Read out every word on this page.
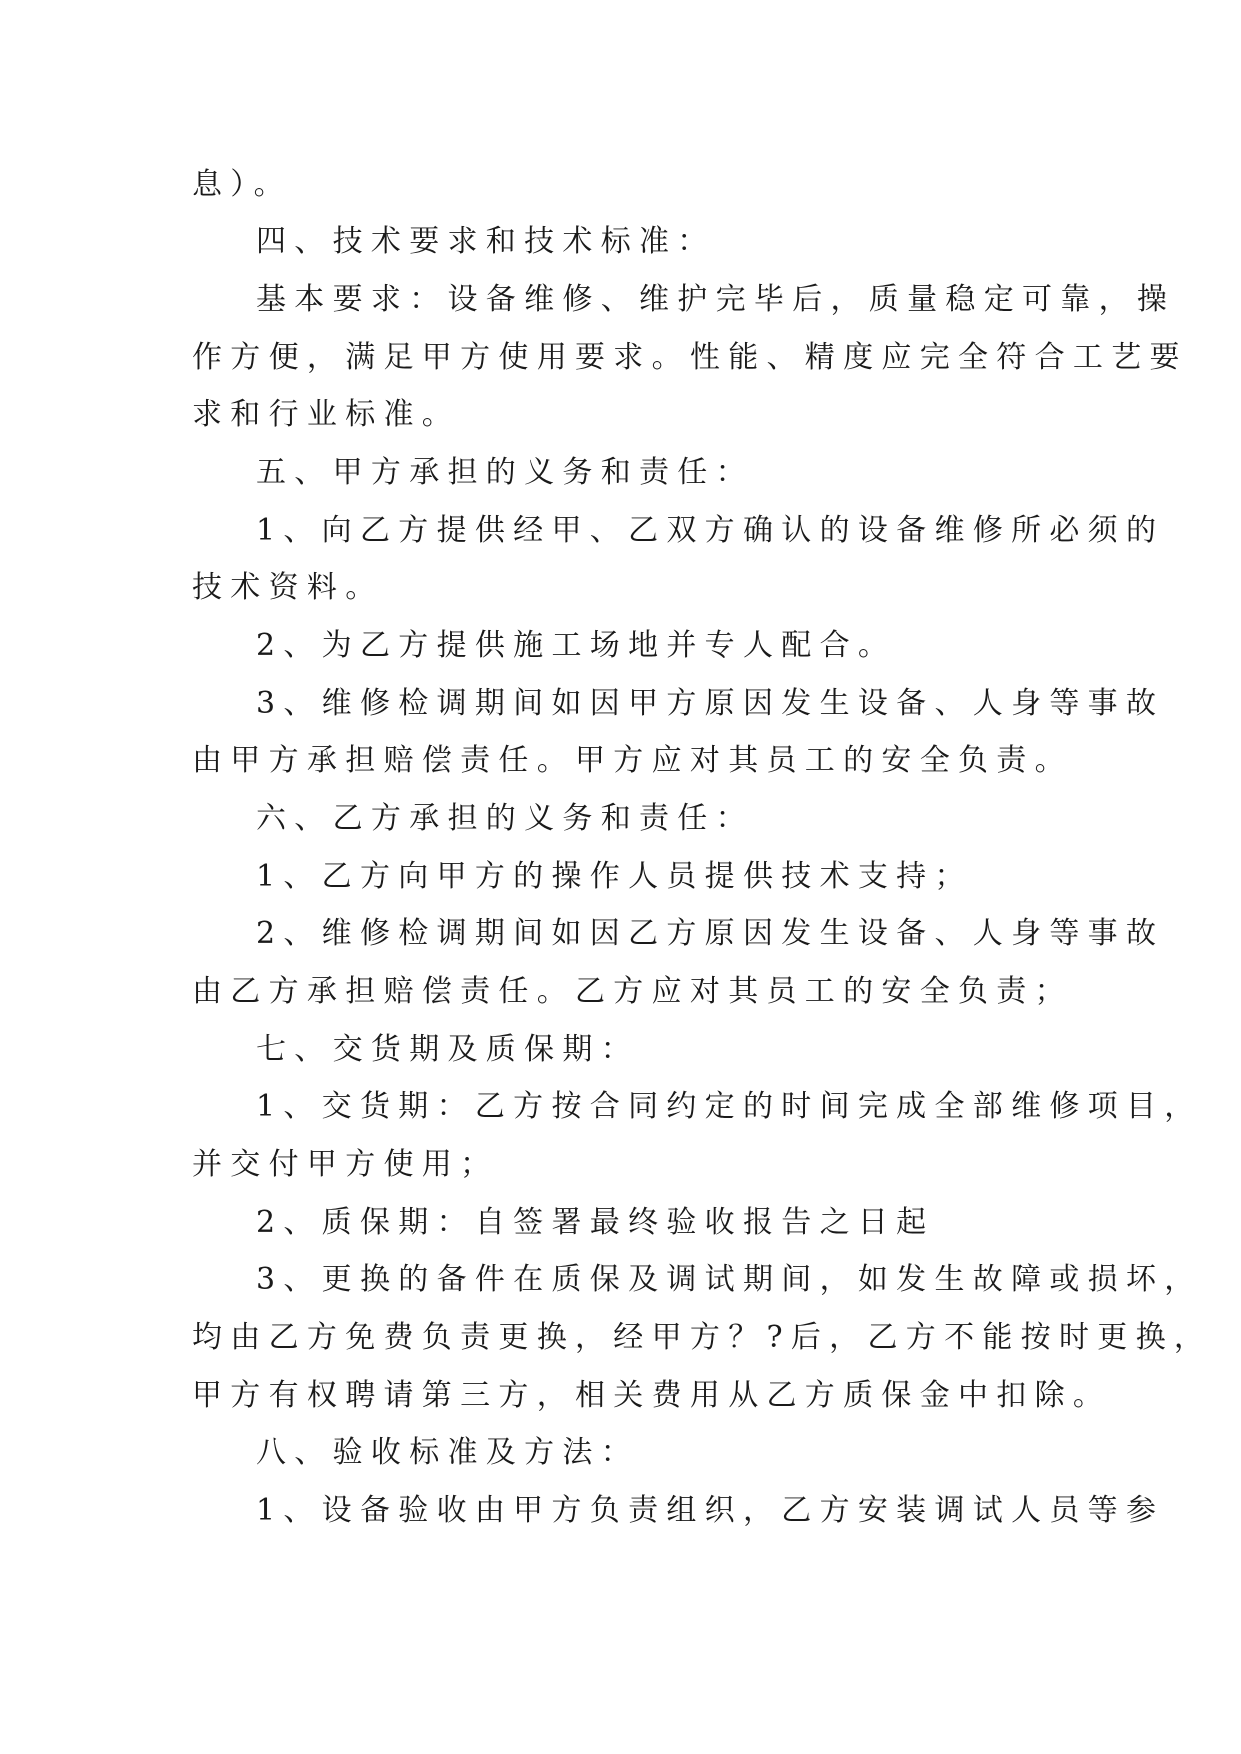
息）。
四、技术要求和技术标准：
基本要求：设备维修、维护完毕后，质量稳定可靠，操
作方便，满足甲方使用要求。性能、精度应完全符合工艺要
求和行业标准。
五、甲方承担的义务和责任：
1、向乙方提供经甲、乙双方确认的设备维修所必须的
技术资料。
2、为乙方提供施工场地并专人配合。
3、维修检调期间如因甲方原因发生设备、人身等事故
由甲方承担赔偿责任。甲方应对其员工的安全负责。
六、乙方承担的义务和责任：
1、乙方向甲方的操作人员提供技术支持；
2、维修检调期间如因乙方原因发生设备、人身等事故
由乙方承担赔偿责任。乙方应对其员工的安全负责；
七、交货期及质保期：
1、交货期：乙方按合同约定的时间完成全部维修项目，
并交付甲方使用；
2、质保期：自签署最终验收报告之日起
3、更换的备件在质保及调试期间，如发生故障或损坏，
均由乙方免费负责更换，经甲方？?后，乙方不能按时更换，
甲方有权聘请第三方，相关费用从乙方质保金中扣除。
八、验收标准及方法：
1、设备验收由甲方负责组织，乙方安装调试人员等参
